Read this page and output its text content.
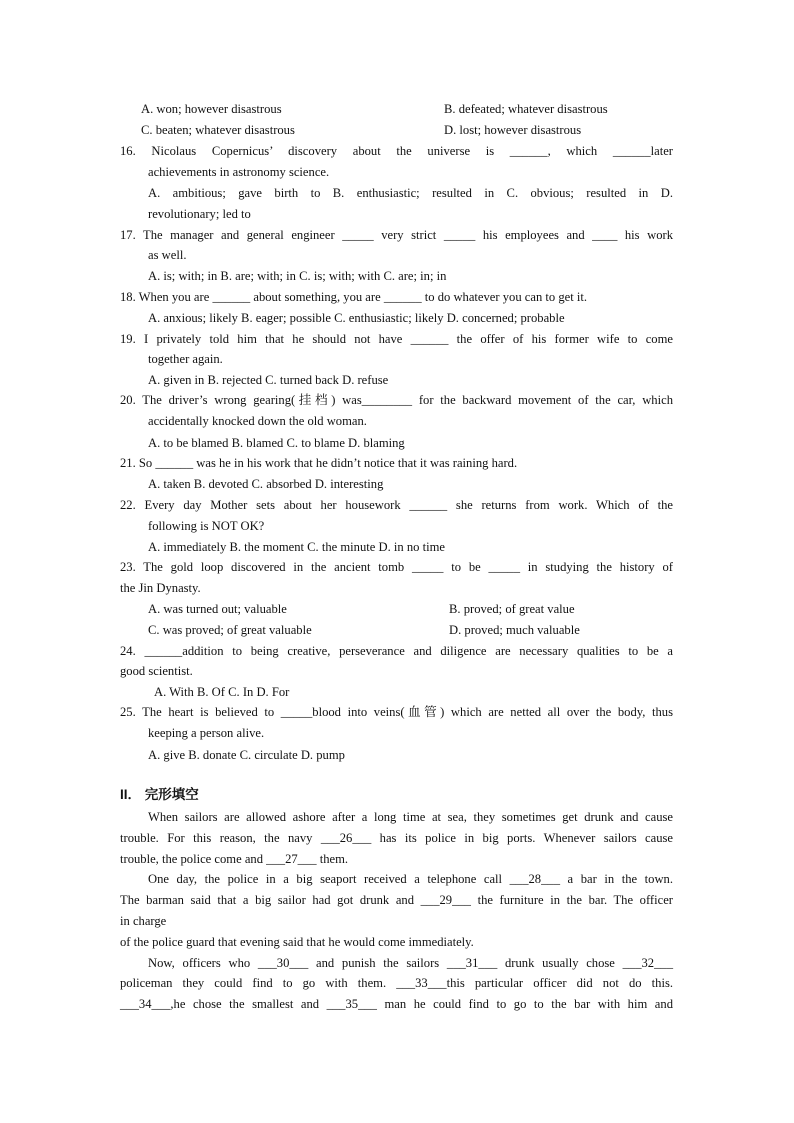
A. won; however disastrous	B. defeated; whatever disastrous
C. beaten; whatever disastrous	D. lost; however disastrous
16. Nicolaus Copernicus’ discovery about the universe is ______, which ______later
achievements in astronomy science.
A. ambitious; gave birth to B. enthusiastic; resulted in C. obvious; resulted in D.
revolutionary; led to
17. The manager and general engineer _____ very strict _____ his employees and ____ his work
as well.
A. is; with; in B. are; with; in C. is; with; with C. are; in; in
18. When you are ______ about something, you are ______ to do whatever you can to get it.
A. anxious; likely B. eager; possible C. enthusiastic; likely D. concerned; probable
19. I privately told him that he should not have ______ the offer of his former wife to come
together again.
A. given in B. rejected C. turned back D. refuse
20. The driver’s wrong gearing(挂档) was________ for the backward movement of the car, which
accidentally knocked down the old woman.
A. to be blamed B. blamed C. to blame D. blaming
21. So ______ was he in his work that he didn’t notice that it was raining hard.
A. taken B. devoted C. absorbed D. interesting
22. Every day Mother sets about her housework ______ she returns from work. Which of the
following is NOT OK?
A. immediately B. the moment C. the minute D. in no time
23. The gold loop discovered in the ancient tomb _____ to be _____ in studying the history of
the Jin Dynasty.
A. was turned out; valuable	B. proved; of great value
C. was proved; of great valuable	D. proved; much valuable
24. ______addition to being creative, perseverance and diligence are necessary qualities to be a
good scientist.
A. With B. Of C. In D. For
25. The heart is believed to _____blood into veins(血管) which are netted all over the body, thus
keeping a person alive.
A. give B. donate C. circulate D. pump
II． 完形填空
When sailors are allowed ashore after a long time at sea, they sometimes get drunk and cause
trouble. For this reason, the navy ___26___ has its police in big ports. Whenever sailors cause
trouble, the police come and ___27___ them.
One day, the police in a big seaport received a telephone call ___28___ a bar in the town.
The barman said that a big sailor had got drunk and ___29___ the furniture in the bar. The officer
in charge
of the police guard that evening said that he would come immediately.
Now, officers who ___30___ and punish the sailors ___31___ drunk usually chose ___32___
policeman they could find to go with them. ___33___this particular officer did not do this.
___34___,he chose the smallest and ___35___ man he could find to go to the bar with him and
